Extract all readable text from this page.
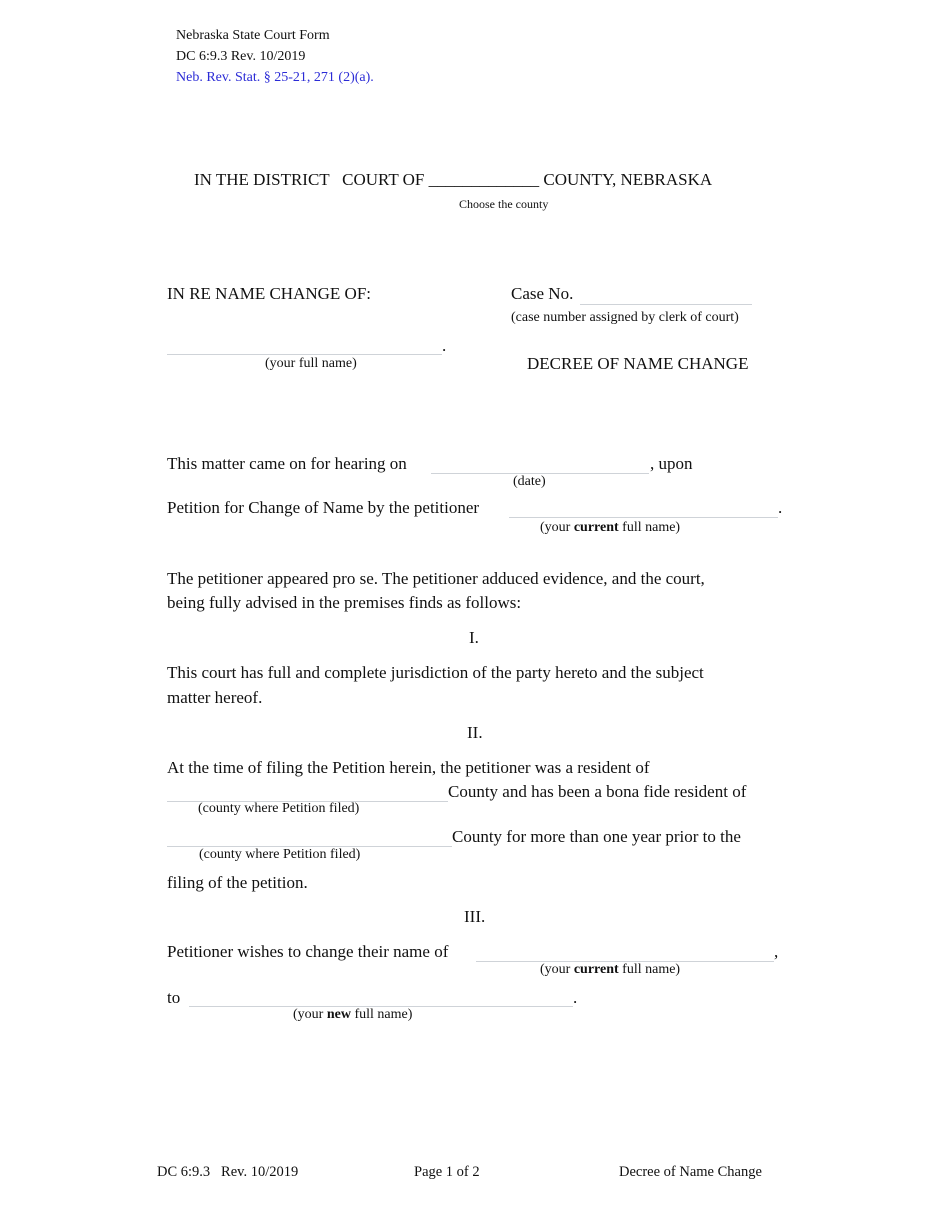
Nebraska State Court Form
DC 6:9.3 Rev. 10/2019
Neb. Rev. Stat. § 25-21, 271 (2)(a).
IN THE DISTRICT   COURT OF _____________ COUNTY, NEBRASKA
Choose the county
IN RE NAME CHANGE OF:	Case No.
(case number assigned by clerk of court)
.
(your full name)	DECREE OF NAME CHANGE
This matter came on for hearing on	, upon
(date)
Petition for Change of Name by the petitioner	.
(your current full name)
The petitioner appeared pro se. The petitioner adduced evidence, and the court,
being fully advised in the premises finds as follows:
I.
This court has full and complete jurisdiction of the party hereto and the subject
matter hereof.
II.
At the time of filing the Petition herein, the petitioner was a resident of
County and has been a bona fide resident of
(county where Petition filed)
County for more than one year prior to the
(county where Petition filed)
filing of the petition.
III.
Petitioner wishes to change their name of	,
(your current full name)
to	.
(your new full name)
DC 6:9.3   Rev. 10/2019	Page 1 of 2	Decree of Name Change
